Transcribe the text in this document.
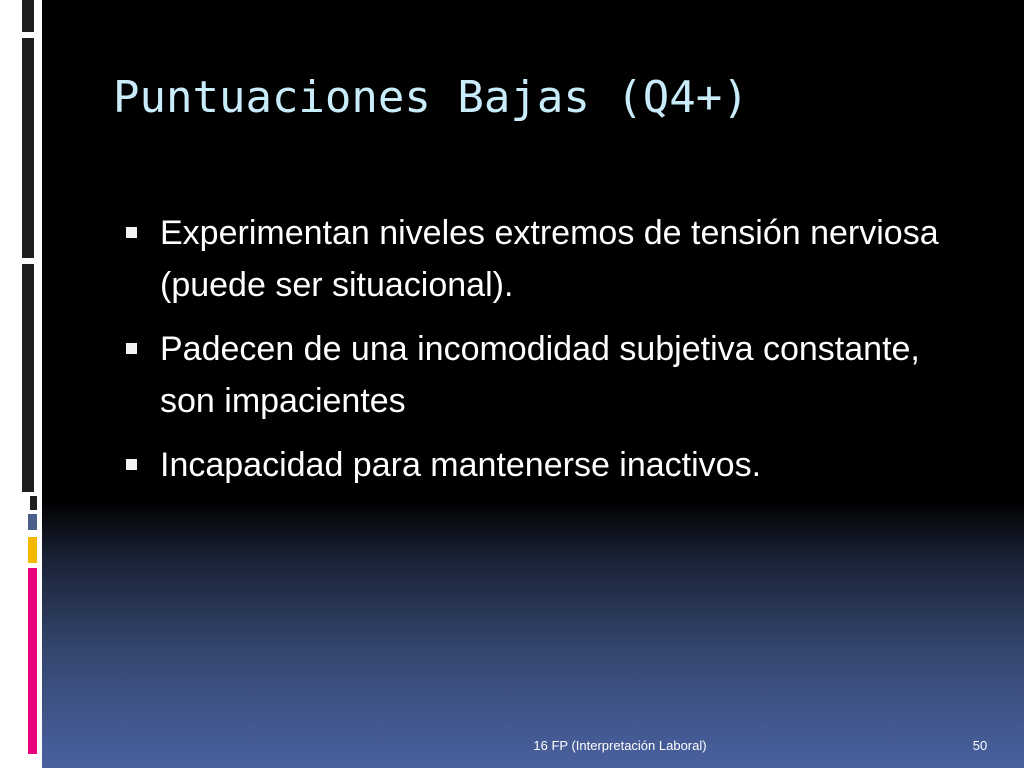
Puntuaciones Bajas (Q4+)
Experimentan niveles extremos de tensión nerviosa (puede ser situacional).
Padecen de una incomodidad subjetiva constante, son impacientes
Incapacidad para mantenerse inactivos.
16 FP (Interpretación Laboral)	50
